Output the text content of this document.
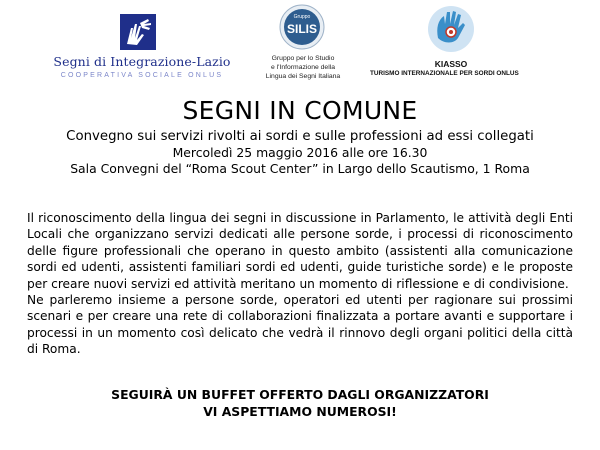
Segni di Integrazione-Lazio
COOPERATIVA SOCIALE ONLUS
Gruppo
SILIS
Gruppo per lo Studio
e l'Informazione della
Lingua dei Segni Italiana
KIASSO
TURISMO INTERNAZIONALE PER SORDI ONLUS
SEGNI IN COMUNE
Convegno sui servizi rivolti ai sordi e sulle professioni ad essi collegati
Mercoledì 25 maggio 2016 alle ore 16.30
Sala Convegni del “Roma Scout Center” in Largo dello Scautismo, 1 Roma

Il riconoscimento della lingua dei segni in discussione in Parlamento, le attività degli Enti Locali che organizzano servizi dedicati alle persone sorde, i processi di riconoscimento delle figure professionali che operano in questo ambito (assistenti alla comunicazione sordi ed udenti, assistenti familiari sordi ed udenti, guide turistiche sorde) e le proposte per creare nuovi servizi ed attività meritano un momento di riflessione e di condivisione.

Ne parleremo insieme a persone sorde, operatori ed utenti per ragionare sui prossimi scenari e per creare una rete di collaborazioni finalizzata a portare avanti e supportare i processi in un momento così delicato che vedrà il rinnovo degli organi politici della città di Roma.

SEGUIRÀ UN BUFFET OFFERTO DAGLI ORGANIZZATORI
VI ASPETTIAMO NUMEROSI!
